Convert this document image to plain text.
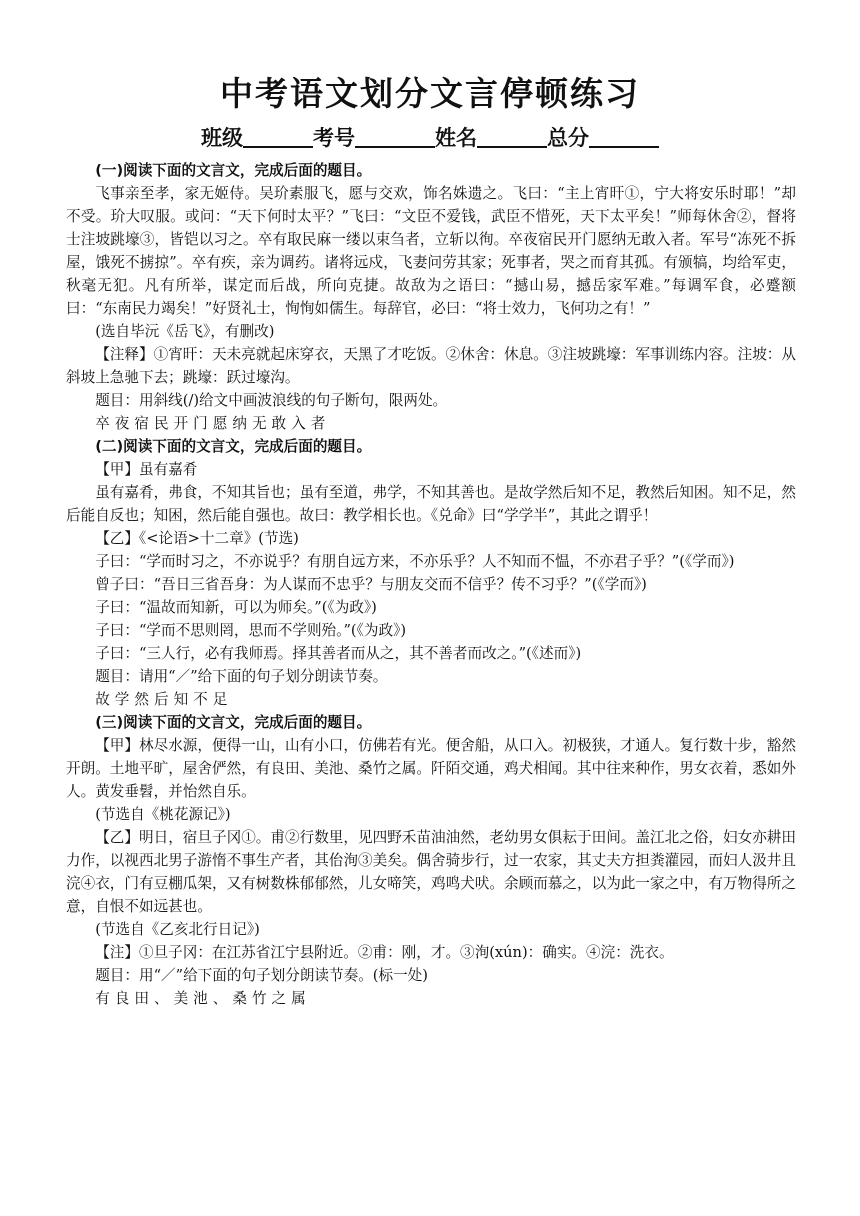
中考语文划分文言停顿练习
班级	考号	姓名	总分

(一)阅读下面的文言文，完成后面的题目。

飞事亲至孝，家无姬侍。吴玠素服飞，愿与交欢，饰名姝遗之。飞曰：“主上宵旰①，宁大将安乐时耶！”却不受。玠大叹服。或问：“天下何时太平？”飞曰：“文臣不爱钱，武臣不惜死，天下太平矣！”师每休舍②，督将士注坡跳壕③，皆铠以习之。卒有取民麻一缕以束刍者，立斩以徇。卒夜宿民开门愿纳无敢入者。军号“冻死不拆屋，饿死不掳掠”。卒有疾，亲为调药。诸将远戍，飞妻问劳其家；死事者，哭之而育其孤。有颁犒，均给军吏，秋毫无犯。凡有所举，谋定而后战，所向克捷。故敌为之语曰：“撼山易，撼岳家军难。”每调军食，必蹙额曰：“东南民力竭矣！”好贤礼士，恂恂如儒生。每辞官，必曰：“将士效力，飞何功之有！”

(选自毕沅《岳飞》，有删改)

【注释】①宵旰：天未亮就起床穿衣，天黑了才吃饭。②休舍：休息。③注坡跳壕：军事训练内容。注坡：从斜坡上急驰下去；跳壕：跃过壕沟。

题目：用斜线(/)给文中画波浪线的句子断句，限两处。

卒夜宿民开门愿纳无敢入者

(二)阅读下面的文言文，完成后面的题目。

【甲】虽有嘉肴

虽有嘉肴，弗食，不知其旨也；虽有至道，弗学，不知其善也。是故学然后知不足，教然后知困。知不足，然后能自反也；知困，然后能自强也。故曰：教学相长也。《兑命》曰“学学半”，其此之谓乎！

【乙】《<论语>十二章》(节选)

子曰：“学而时习之，不亦说乎？有朋自远方来，不亦乐乎？人不知而不愠，不亦君子乎？”(《学而》)

曾子曰：“吾日三省吾身：为人谋而不忠乎？与朋友交而不信乎？传不习乎？”(《学而》)

子曰：“温故而知新，可以为师矣。”(《为政》)

子曰：“学而不思则罔，思而不学则殆。”(《为政》)

子曰：“三人行，必有我师焉。择其善者而从之，其不善者而改之。”(《述而》)

题目：请用“／”给下面的句子划分朗读节奏。

故学然后知不足

(三)阅读下面的文言文，完成后面的题目。

【甲】林尽水源，便得一山，山有小口，仿佛若有光。便舍船，从口入。初极狭，才通人。复行数十步，豁然开朗。土地平旷，屋舍俨然，有良田、美池、桑竹之属。阡陌交通，鸡犬相闻。其中往来种作，男女衣着，悉如外人。黄发垂髫，并怡然自乐。

(节选自《桃花源记》)

【乙】明日，宿旦子冈①。甫②行数里，见四野禾苗油油然，老幼男女俱耘于田间。盖江北之俗，妇女亦耕田力作，以视西北男子游惰不事生产者，其佁洵③美矣。偶舍骑步行，过一农家，其丈夫方担粪灌园，而妇人汲井且浣④衣，门有豆棚瓜架，又有树数株郁郁然，儿女啼笑，鸡鸣犬吠。余顾而慕之，以为此一家之中，有万物得所之意，自恨不如远甚也。

(节选自《乙亥北行日记》)

【注】①旦子冈：在江苏省江宁县附近。②甫：刚，才。③洵(xún)：确实。④浣：洗衣。

题目：用“／”给下面的句子划分朗读节奏。(标一处)

有良田、美池、桑竹之属
